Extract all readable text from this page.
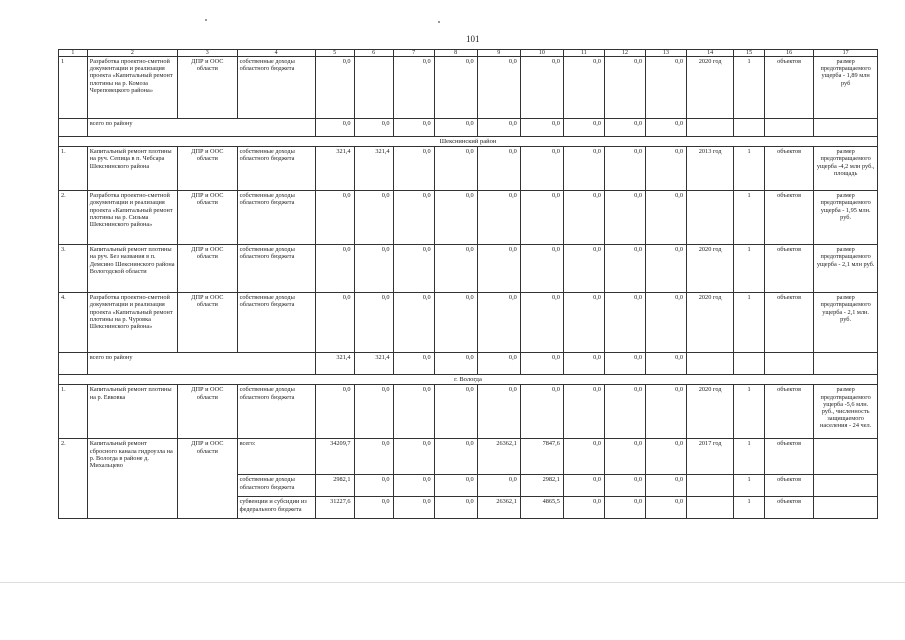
101
1	2	3	4	5	6	7	8	9	10	11	12	13	14	15	16	17
1	Разработка проектно-сметной документации и реализация проекта «Капитальный ремонт плотины на р. Комоза Череповецкого района»	ДПР и ООС области	собственные доходы областного бюджета	0,0		0,0	0,0	0,0	0,0	0,0	0,0	0,0	2020 год	1	объектов	размер предотвращаемого ущерба - 1,89 млн руб
	всего по району			0,0	0,0	0,0	0,0	0,0	0,0	0,0	0,0	0,0				
Шекснинский район																
1.	Капитальный ремонт плотины на руч. Сепица в п. Чебсара Шекснинского района	ДПР и ООС области	собственные доходы областного бюджета	321,4	321,4	0,0	0,0	0,0	0,0	0,0	0,0	0,0	2013 год	1	объектов	размер предотвращаемого ущерба -4,2 млн руб., площадь
2.	Разработка проектно-сметной документации и реализация проекта «Капитальный ремонт плотины на р. Сизьма Шекснинского района»	ДПР и ООС области	собственные доходы областного бюджета	0,0	0,0	0,0	0,0	0,0	0,0	0,0	0,0	0,0		1	объектов	размер предотвращаемого ущерба - 1,95 млн. руб.
3.	Капитальный ремонт плотины на руч. Без названия в п. Демсино Шекснинского района Вологодской области	ДПР и ООС области	собственные доходы областного бюджета	0,0	0,0	0,0	0,0	0,0	0,0	0,0	0,0	0,0	2020 год	1	объектов	размер предотвращаемого ущерба - 2,1 млн руб.
4.	Разработка проектно-сметной документации и реализация проекта «Капитальный ремонт плотины на р. Чуровка Шекснинского района»	ДПР и ООС области	собственные доходы областного бюджета	0,0	0,0	0,0	0,0	0,0	0,0	0,0	0,0	0,0	2020 год	1	объектов	размер предотвращаемого ущерба - 2,1 млн. руб.
	всего по району			321,4	321,4	0,0	0,0	0,0	0,0	0,0	0,0	0,0				
г. Вологда																
1.	Капитальный ремонт плотины на р. Евковка	ДПР и ООС области	собственные доходы областного бюджета	0,0	0,0	0,0	0,0	0,0	0,0	0,0	0,0	0,0	2020 год	1	объектов	размер предотвращаемого ущерба -5,6 млн. руб., численность защищаемого населения - 24 чел.
2.	Капитальный ремонт сбросного канала гидроузла на р. Вологда в районе д. Михальцево	ДПР и ООС области	всего:	34209,7	0,0	0,0	0,0	26362,1	7847,6	0,0	0,0	0,0	2017 год	1	объектов	
			собственные доходы областного бюджета	2982,1	0,0	0,0	0,0	0,0	2982,1	0,0	0,0	0,0		1	объектов	
			субвенции и субсидии из федерального бюджета	31227,6	0,0	0,0	0,0	26362,1	4865,5	0,0	0,0	0,0		1	объектов	
